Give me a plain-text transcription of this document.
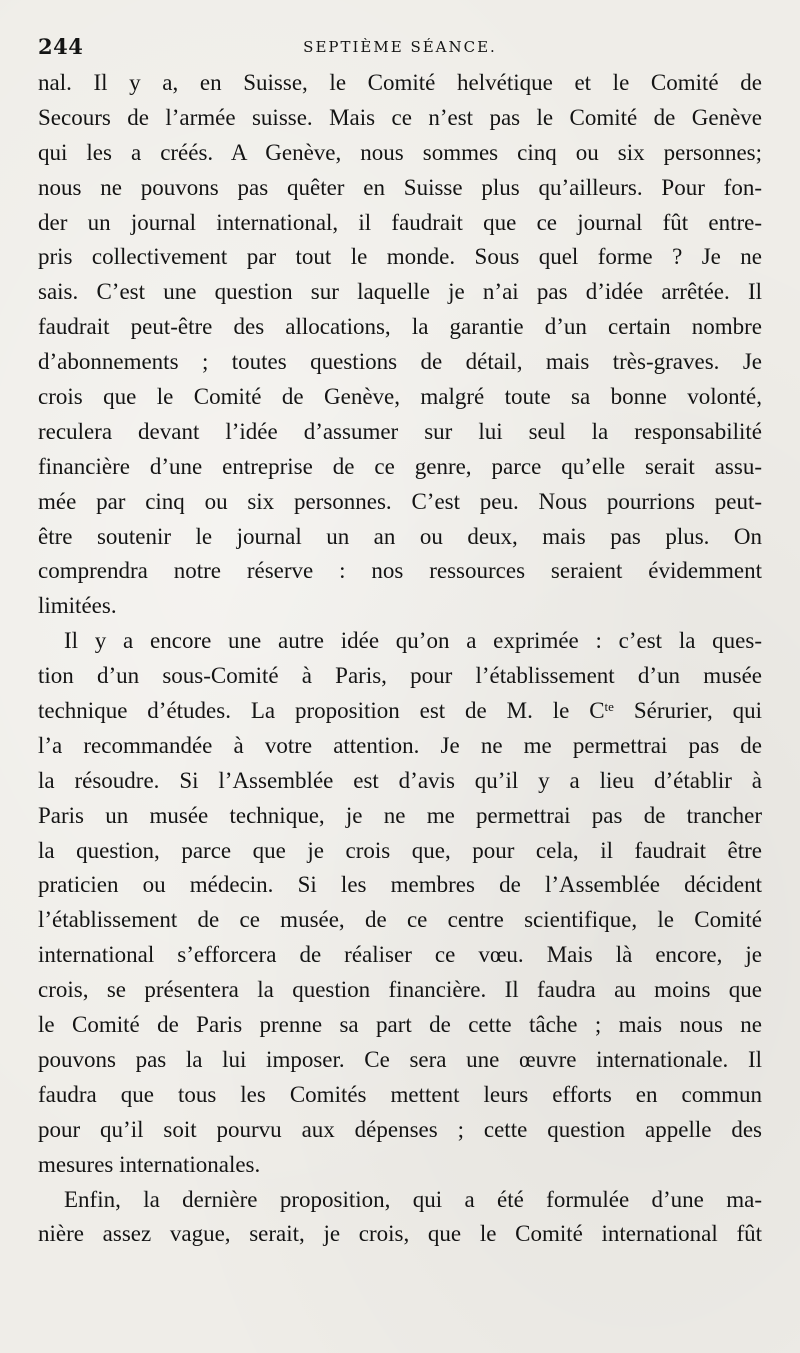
244	SEPTIÈME SÉANCE.
nal. Il y a, en Suisse, le Comité helvétique et le Comité de
Secours de l’armée suisse. Mais ce n’est pas le Comité de Genève
qui les a créés. A Genève, nous sommes cinq ou six personnes;
nous ne pouvons pas quêter en Suisse plus qu’ailleurs. Pour fon-
der un journal international, il faudrait que ce journal fût entre-
pris collectivement par tout le monde. Sous quel forme ? Je ne
sais. C’est une question sur laquelle je n’ai pas d’idée arrêtée. Il
faudrait peut-être des allocations, la garantie d’un certain nombre
d’abonnements ; toutes questions de détail, mais très-graves. Je
crois que le Comité de Genève, malgré toute sa bonne volonté,
reculera devant l’idée d’assumer sur lui seul la responsabilité
financière d’une entreprise de ce genre, parce qu’elle serait assu-
mée par cinq ou six personnes. C’est peu. Nous pourrions peut-
être soutenir le journal un an ou deux, mais pas plus. On
comprendra notre réserve : nos ressources seraient évidemment
limitées.
Il y a encore une autre idée qu’on a exprimée : c’est la ques-
tion d’un sous-Comité à Paris, pour l’établissement d’un musée
technique d’études. La proposition est de M. le $C^{te}$ Sérurier, qui
l’a recommandée à votre attention. Je ne me permettrai pas de
la résoudre. Si l’Assemblée est d’avis qu’il y a lieu d’établir à
Paris un musée technique, je ne me permettrai pas de trancher
la question, parce que je crois que, pour cela, il faudrait être
praticien ou médecin. Si les membres de l’Assemblée décident
l’établissement de ce musée, de ce centre scientifique, le Comité
international s’efforcera de réaliser ce vœu. Mais là encore, je
crois, se présentera la question financière. Il faudra au moins que
le Comité de Paris prenne sa part de cette tâche ; mais nous ne
pouvons pas la lui imposer. Ce sera une œuvre internationale. Il
faudra que tous les Comités mettent leurs efforts en commun
pour qu’il soit pourvu aux dépenses ; cette question appelle des
mesures internationales.
Enfin, la dernière proposition, qui a été formulée d’une ma-
nière assez vague, serait, je crois, que le Comité international fût
